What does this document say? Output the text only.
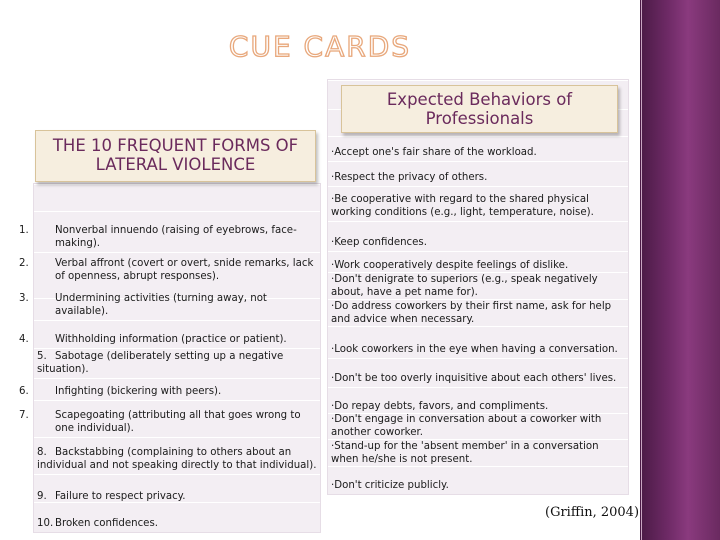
CUE CARDS
1.	Nonverbal innuendo (raising of eyebrows, face-making).
2.	Verbal affront (covert or overt, snide remarks, lack of openness, abrupt responses).
3.	Undermining activities (turning away, not available).
4.	Withholding information (practice or patient).
5. Sabotage (deliberately setting up a negative situation).
6.	Infighting (bickering with peers).
7.	Scapegoating (attributing all that goes wrong to one individual).
8. Backstabbing (complaining to others about an individual and not speaking directly to that individual).
9. Failure to respect privacy.
10. Broken confidences.
THE 10 FREQUENT FORMS OF LATERAL VIOLENCE
·Accept one's fair share of the workload.
·Respect the privacy of others.
·Be cooperative with regard to the shared physical working conditions (e.g., light, temperature, noise).
·Keep confidences.
·Work cooperatively despite feelings of dislike.
·Don't denigrate to superiors (e.g., speak negatively about, have a pet name for).
·Do address coworkers by their first name, ask for help and advice when necessary.
·Look coworkers in the eye when having a conversation.
·Don't be too overly inquisitive about each others' lives.
·Do repay debts, favors, and compliments.
·Don't engage in conversation about a coworker with another coworker.
·Stand-up for the 'absent member' in a conversation when he/she is not present.
·Don't criticize publicly.
Expected Behaviors of Professionals
(Griffin, 2004)
